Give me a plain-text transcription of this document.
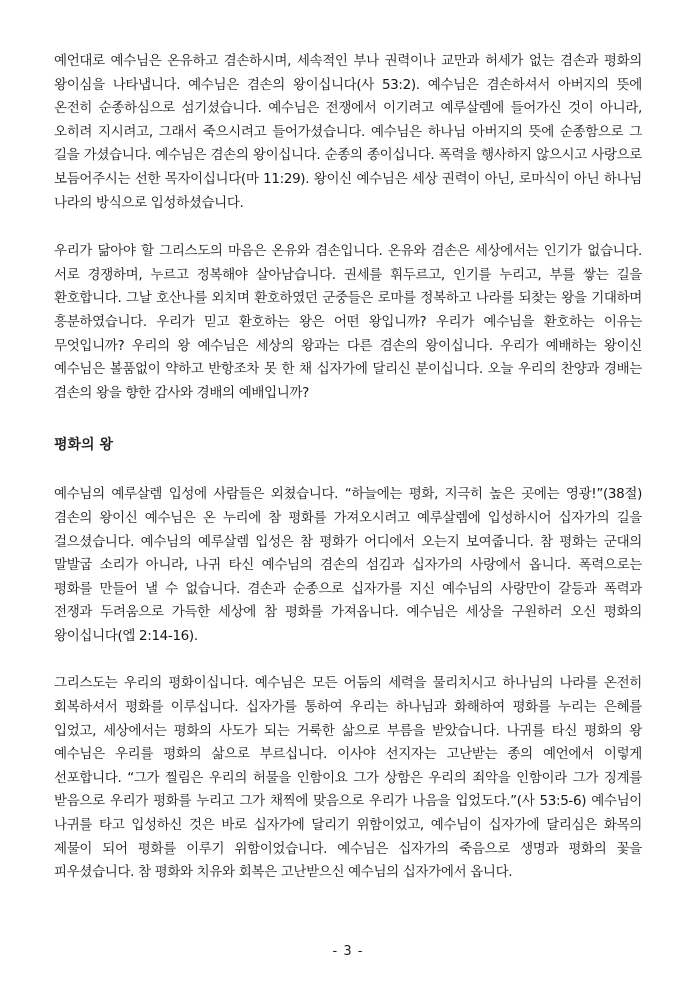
예언대로 예수님은 온유하고 겸손하시며, 세속적인 부나 권력이나 교만과 허세가 없는 겸손과 평화의 왕이심을 나타냅니다. 예수님은 겸손의 왕이십니다(사 53:2). 예수님은 겸손하셔서 아버지의 뜻에 온전히 순종하심으로 섬기셨습니다. 예수님은 전쟁에서 이기려고 예루살렘에 들어가신 것이 아니라, 오히려 지시려고, 그래서 죽으시려고 들어가셨습니다. 예수님은 하나님 아버지의 뜻에 순종함으로 그 길을 가셨습니다. 예수님은 겸손의 왕이십니다. 순종의 종이십니다. 폭력을 행사하지 않으시고 사랑으로 보듬어주시는 선한 목자이십니다(마 11:29). 왕이신 예수님은 세상 권력이 아닌, 로마식이 아닌 하나님 나라의 방식으로 입성하셨습니다.

우리가 닮아야 할 그리스도의 마음은 온유와 겸손입니다. 온유와 겸손은 세상에서는 인기가 없습니다. 서로 경쟁하며, 누르고 정복해야 살아남습니다. 권세를 휘두르고, 인기를 누리고, 부를 쌓는 길을 환호합니다. 그날 호산나를 외치며 환호하였던 군중들은 로마를 정복하고 나라를 되찾는 왕을 기대하며 흥분하였습니다. 우리가 믿고 환호하는 왕은 어떤 왕입니까? 우리가 예수님을 환호하는 이유는 무엇입니까? 우리의 왕 예수님은 세상의 왕과는 다른 겸손의 왕이십니다. 우리가 예배하는 왕이신 예수님은 볼품없이 약하고 반항조차 못 한 채 십자가에 달리신 분이십니다. 오늘 우리의 찬양과 경배는 겸손의 왕을 향한 감사와 경배의 예배입니까?

평화의 왕

예수님의 예루살렘 입성에 사람들은 외쳤습니다. “하늘에는 평화, 지극히 높은 곳에는 영광!”(38절) 겸손의 왕이신 예수님은 온 누리에 참 평화를 가져오시려고 예루살렘에 입성하시어 십자가의 길을 걸으셨습니다. 예수님의 예루살렘 입성은 참 평화가 어디에서 오는지 보여줍니다. 참 평화는 군대의 말발굽 소리가 아니라, 나귀 타신 예수님의 겸손의 섬김과 십자가의 사랑에서 옵니다. 폭력으로는 평화를 만들어 낼 수 없습니다. 겸손과 순종으로 십자가를 지신 예수님의 사랑만이 갈등과 폭력과 전쟁과 두려움으로 가득한 세상에 참 평화를 가져옵니다. 예수님은 세상을 구원하러 오신 평화의 왕이십니다(엡 2:14-16).

그리스도는 우리의 평화이십니다. 예수님은 모든 어둠의 세력을 물리치시고 하나님의 나라를 온전히 회복하셔서 평화를 이루십니다. 십자가를 통하여 우리는 하나님과 화해하여 평화를 누리는 은혜를 입었고, 세상에서는 평화의 사도가 되는 거룩한 삶으로 부름을 받았습니다. 나귀를 타신 평화의 왕 예수님은 우리를 평화의 삶으로 부르십니다. 이사야 선지자는 고난받는 종의 예언에서 이렇게 선포합니다. “그가 찔림은 우리의 허물을 인함이요 그가 상함은 우리의 죄악을 인함이라 그가 징계를 받음으로 우리가 평화를 누리고 그가 채찍에 맞음으로 우리가 나음을 입었도다.”(사 53:5-6) 예수님이 나귀를 타고 입성하신 것은 바로 십자가에 달리기 위함이었고, 예수님이 십자가에 달리심은 화목의 제물이 되어 평화를 이루기 위함이었습니다. 예수님은 십자가의 죽음으로 생명과 평화의 꽃을 피우셨습니다. 참 평화와 치유와 회복은 고난받으신 예수님의 십자가에서 옵니다.

- 3 -
